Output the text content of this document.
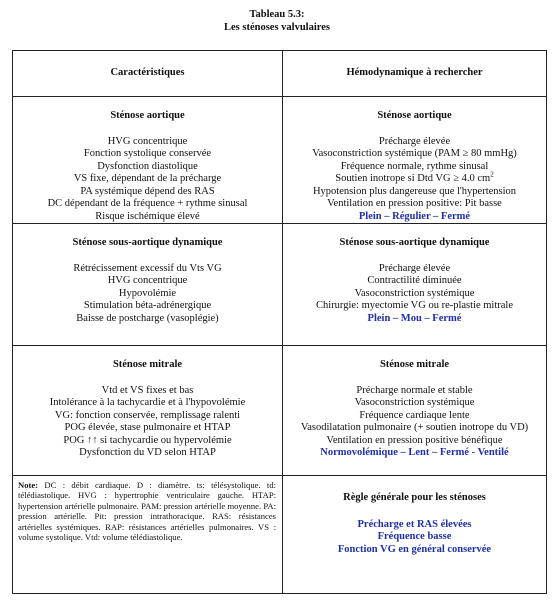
Tableau 5.3:
Les sténoses valvulaires
Caractéristiques	Hémodynamique à rechercher
Sténose aortique
HVG concentrique
Fonction systolique conservée
Dysfonction diastolique
VS fixe, dépendant de la précharge
PA systémique dépend des RAS
DC dépendant de la fréquence + rythme sinusal
Risque ischémique élevé
Sténose aortique
Précharge élevée
Vasoconstriction systémique (PAM ≥ 80 mmHg)
Fréquence normale, rythme sinusal
Soutien inotrope si Dtd VG ≥ 4.0 $cm^2$
Hypotension plus dangereuse que l'hypertension
Ventilation en pression positive: Pit basse
Plein – Régulier – Fermé
Sténose sous-aortique dynamique
Rétrécissement excessif du Vts VG
HVG concentrique
Hypovolémie
Stimulation béta-adrénergique
Baisse de postcharge (vasoplégie)
Sténose sous-aortique dynamique
Précharge élevée
Contractilité diminuée
Vasoconstriction systémique
Chirurgie: myectomie VG ou re-plastie mitrale
Plein – Mou – Fermé
Sténose mitrale
Vtd et VS fixes et bas
Intolérance à la tachycardie et à l'hypovolémie
VG: fonction conservée, remplissage ralenti
POG élevée, stase pulmonaire et HTAP
POG ↑↑ si tachycardie ou hypervolémie
Dysfonction du VD selon HTAP
Sténose mitrale
Précharge normale et stable
Vasoconstriction systémique
Fréquence cardiaque lente
Vasodilatation pulmonaire (+ soutien inotrope du VD)
Ventilation en pression positive bénéfique
Normovolémique – Lent – Fermé - Ventilé
Note: DC : débit cardiaque. D : diamètre. ts: télésystolique. td: télédiastolique. HVG : hypertrophie ventriculaire gauche. HTAP: hypertension artérielle pulmonaire. PAM: pression artérielle moyenne. PA: pression artérielle. Pit: pression intrathoracique. RAS: résistances artérielles systémiques. RAP: résistances artérielles pulmonaires. VS : volume systolique. Vtd: volume télédiastolique.
Règle générale pour les sténoses
Précharge et RAS élevées
Fréquence basse
Fonction VG en général conservée
